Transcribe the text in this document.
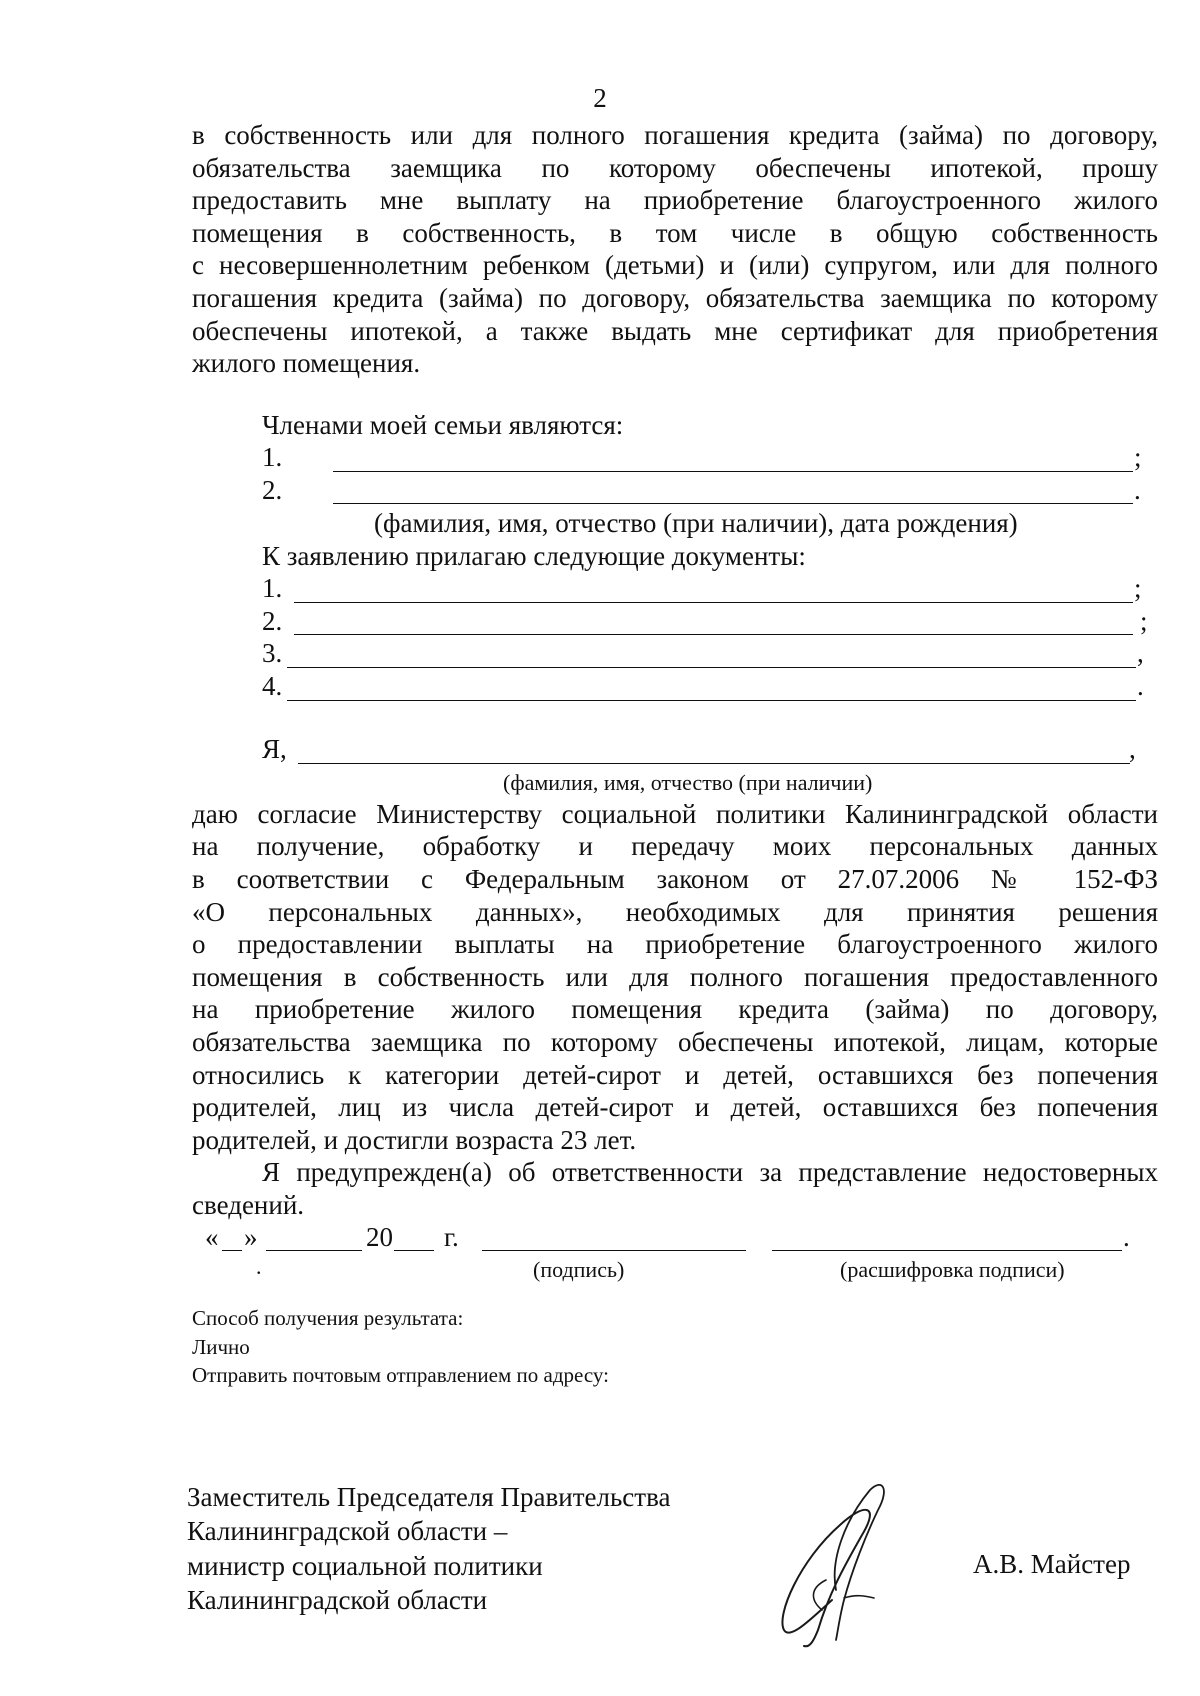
2
в собственность или для полного погашения кредита (займа) по договору,
обязательства заемщика по которому обеспечены ипотекой, прошу
предоставить мне выплату на приобретение благоустроенного жилого
помещения в собственность, в том числе в общую собственность
с несовершеннолетним ребенком (детьми) и (или) супругом, или для полного
погашения кредита (займа) по договору, обязательства заемщика по которому
обеспечены ипотекой, а также выдать мне сертификат для приобретения
жилого помещения.
Членами моей семьи являются:
1.	;
2.	.
(фамилия, имя, отчество (при наличии), дата рождения)
К заявлению прилагаю следующие документы:
1.	;
2.	;
3.	,
4.	.
Я,	,
(фамилия, имя, отчество (при наличии)
даю согласие Министерству социальной политики Калининградской области
на получение, обработку и передачу моих персональных данных
в соответствии с Федеральным законом от 27.07.2006 № 152-ФЗ
«О персональных данных», необходимых для принятия решения
о предоставлении выплаты на приобретение благоустроенного жилого
помещения в собственность или для полного погашения предоставленного
на приобретение жилого помещения кредита (займа) по договору,
обязательства заемщика по которому обеспечены ипотекой, лицам, которые
относились к категории детей-сирот и детей, оставшихся без попечения
родителей, лиц из числа детей-сирот и детей, оставшихся без попечения
родителей, и достигли возраста 23 лет.
Я предупрежден(а) об ответственности за представление недостоверных
сведений.
« »	20 г.	.
.	(подпись)	(расшифровка подписи)
Способ получения результата:
Лично
Отправить почтовым отправлением по адресу:
Заместитель Председателя Правительства
Калининградской области –
министр социальной политики
Калининградской области
А.В. Майстер
